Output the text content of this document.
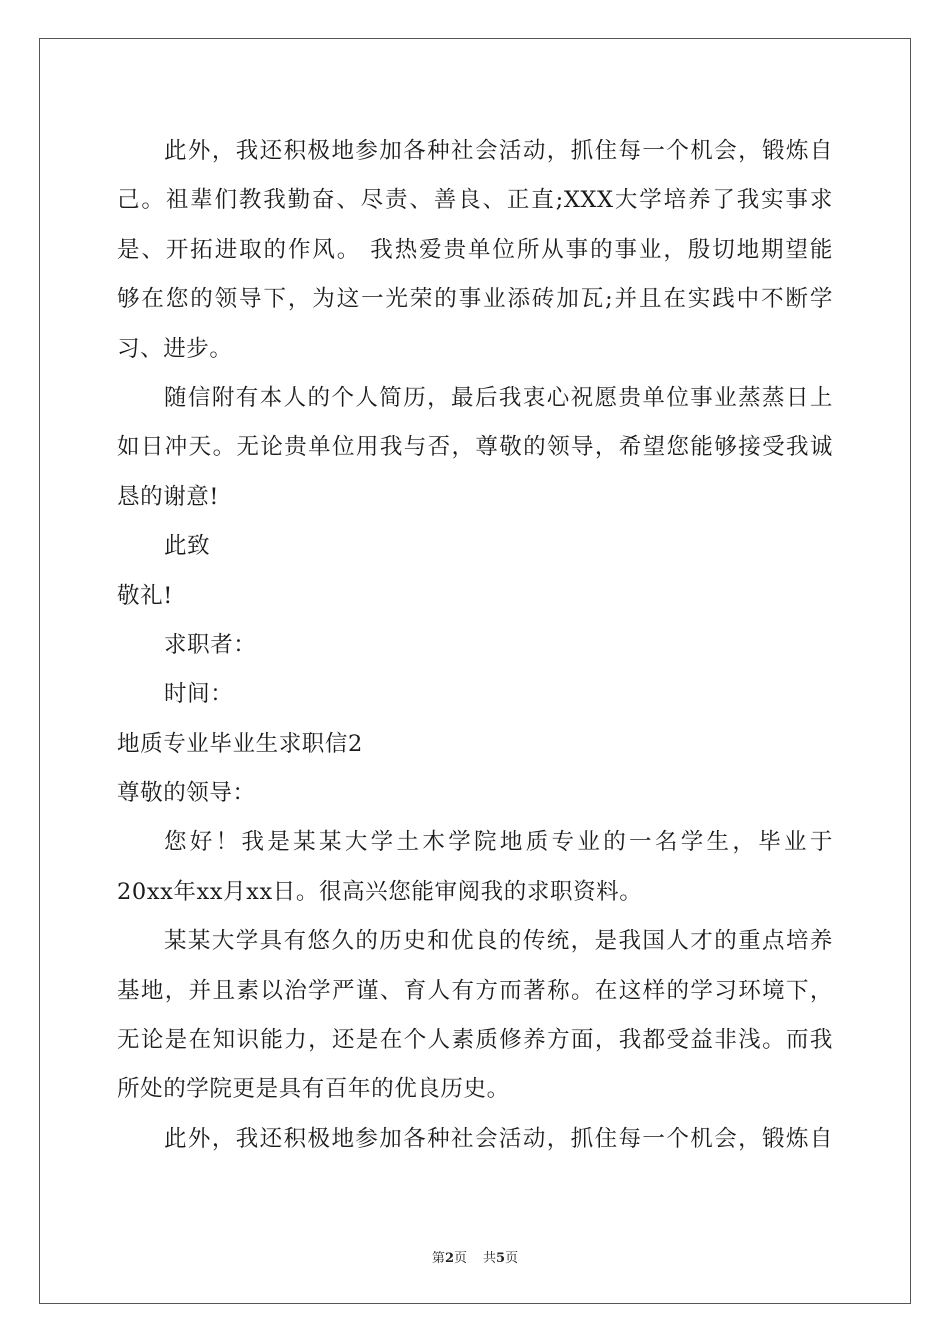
此外，我还积极地参加各种社会活动，抓住每一个机会，锻炼自
己。祖辈们教我勤奋、尽责、善良、正直;XXX大学培养了我实事求
是、开拓进取的作风。 我热爱贵单位所从事的事业，殷切地期望能
够在您的领导下，为这一光荣的事业添砖加瓦;并且在实践中不断学
习、进步。
随信附有本人的个人简历，最后我衷心祝愿贵单位事业蒸蒸日上
如日冲天。无论贵单位用我与否，尊敬的领导，希望您能够接受我诚
恳的谢意!
此致
敬礼!
求职者：
时间：
地质专业毕业生求职信2
尊敬的领导：
您好！我是某某大学土木学院地质专业的一名学生，毕业于
20xx年xx月xx日。很高兴您能审阅我的求职资料。
某某大学具有悠久的历史和优良的传统，是我国人才的重点培养
基地，并且素以治学严谨、育人有方而著称。在这样的学习环境下，
无论是在知识能力，还是在个人素质修养方面，我都受益非浅。而我
所处的学院更是具有百年的优良历史。
此外，我还积极地参加各种社会活动，抓住每一个机会，锻炼自
第2页 共5页
